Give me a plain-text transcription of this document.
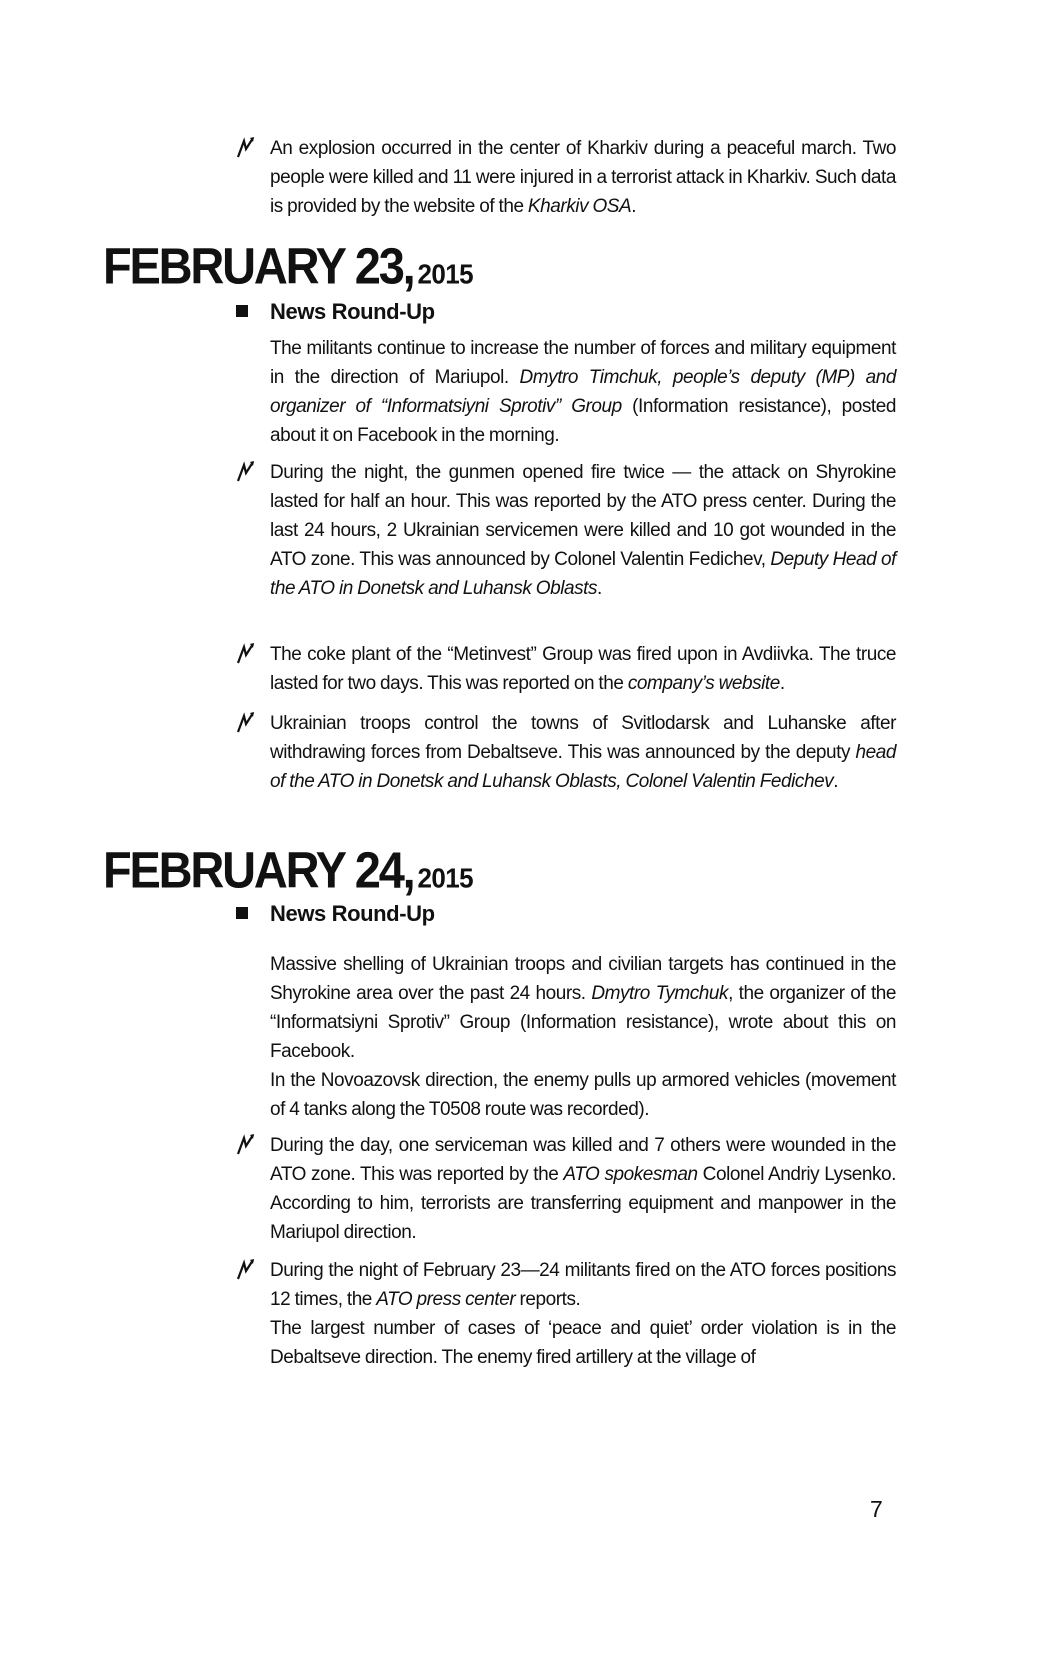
An explosion occurred in the center of Kharkiv during a peaceful march. Two people were killed and 11 were injured in a terrorist attack in Kharkiv. Such data is provided by the website of the Kharkiv OSA.

FEBRUARY 23, 2015
News Round-Up

The militants continue to increase the number of forces and military equipment in the direction of Mariupol. Dmytro Timchuk, people’s deputy (MP) and organizer of “Informatsiyni Sprotiv” Group (Information resistance), posted about it on Facebook in the morning.

During the night, the gunmen opened fire twice — the attack on Shyrokine lasted for half an hour. This was reported by the ATO press center. During the last 24 hours, 2 Ukrainian servicemen were killed and 10 got wounded in the ATO zone. This was announced by Colonel Valentin Fedichev, Deputy Head of the ATO in Donetsk and Luhansk Oblasts.

The coke plant of the “Metinvest” Group was fired upon in Avdiivka. The truce lasted for two days. This was reported on the company’s website.

Ukrainian troops control the towns of Svitlodarsk and Luhanske after withdrawing forces from Debaltseve. This was announced by the deputy head of the ATO in Donetsk and Luhansk Oblasts, Colonel Valentin Fedichev.

FEBRUARY 24, 2015
News Round-Up

Massive shelling of Ukrainian troops and civilian targets has continued in the Shyrokine area over the past 24 hours. Dmytro Tymchuk, the organizer of the “Informatsiyni Sprotiv” Group (Information resistance), wrote about this on Facebook.

In the Novoazovsk direction, the enemy pulls up armored vehicles (movement of 4 tanks along the T0508 route was recorded).

During the day, one serviceman was killed and 7 others were wounded in the ATO zone. This was reported by the ATO spokesman Colonel Andriy Lysenko. According to him, terrorists are transferring equipment and manpower in the Mariupol direction.

During the night of February 23—24 militants fired on the ATO forces positions 12 times, the ATO press center reports.

The largest number of cases of ‘peace and quiet’ order violation is in the Debaltseve direction. The enemy fired artillery at the village of

7
